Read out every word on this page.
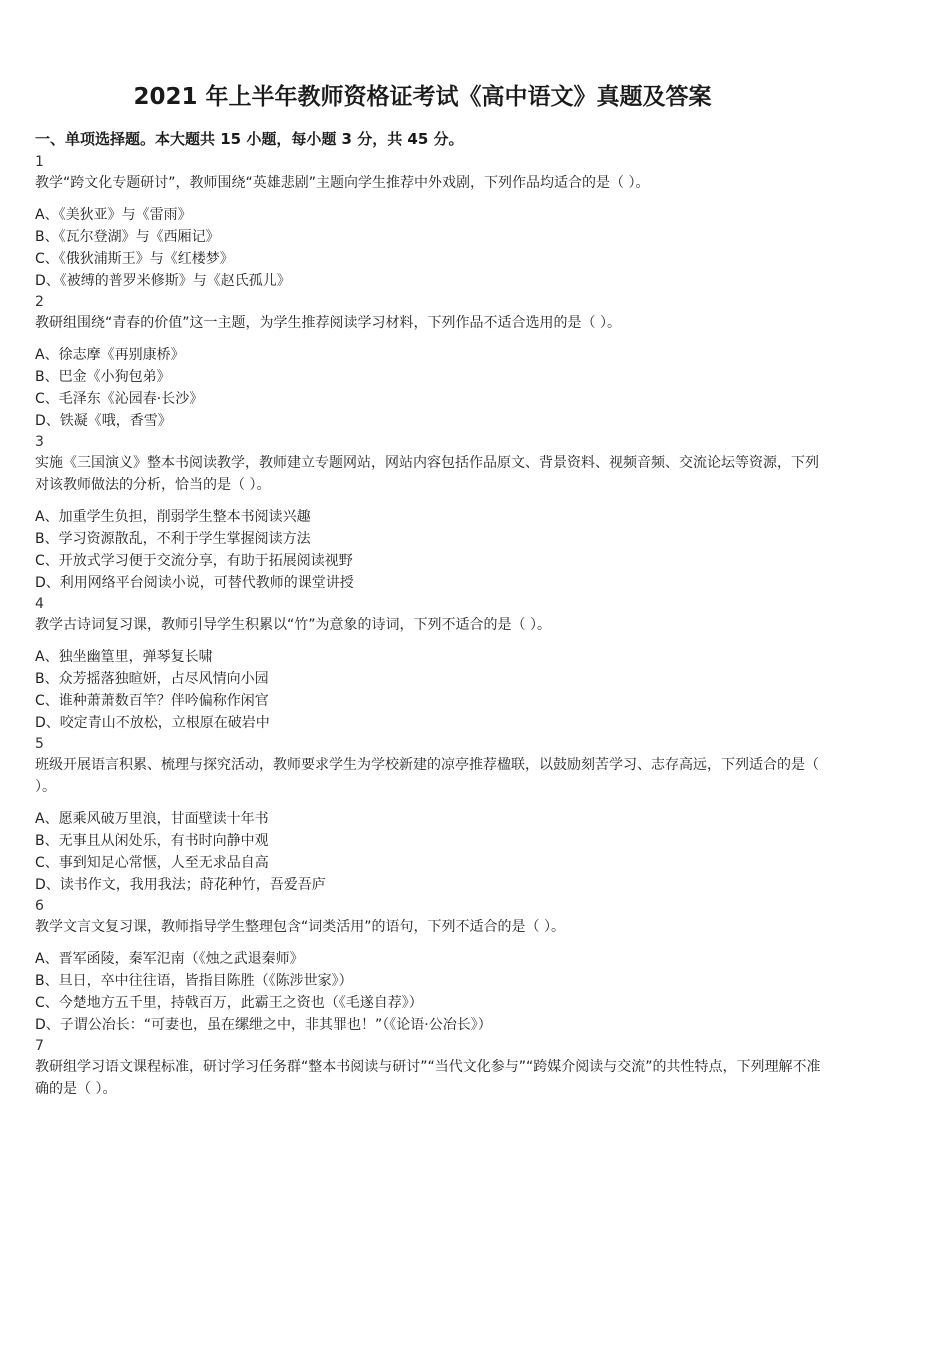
2021 年上半年教师资格证考试《高中语文》真题及答案
一、单项选择题。本大题共 15 小题，每小题 3 分，共 45 分。
1
教学“跨文化专题研讨”，教师围绕“英雄悲剧”主题向学生推荐中外戏剧，下列作品均适合的是（ ）。
A、《美狄亚》与《雷雨》
B、《瓦尔登湖》与《西厢记》
C、《俄狄浦斯王》与《红楼梦》
D、《被缚的普罗米修斯》与《赵氏孤儿》
2
教研组围绕“青春的价值”这一主题，为学生推荐阅读学习材料，下列作品不适合选用的是（ ）。
A、徐志摩《再别康桥》
B、巴金《小狗包弟》
C、毛泽东《沁园春·长沙》
D、铁凝《哦，香雪》
3
实施《三国演义》整本书阅读教学，教师建立专题网站，网站内容包括作品原文、背景资料、视频音频、交流论坛等资源，下列对该教师做法的分析，恰当的是（ ）。
A、加重学生负担，削弱学生整本书阅读兴趣
B、学习资源散乱，不利于学生掌握阅读方法
C、开放式学习便于交流分享，有助于拓展阅读视野
D、利用网络平台阅读小说，可替代教师的课堂讲授
4
教学古诗词复习课，教师引导学生积累以“竹”为意象的诗词，下列不适合的是（ ）。
A、独坐幽篁里，弹琴复长啸
B、众芳摇落独暄妍，占尽风情向小园
C、谁种萧萧数百竿？伴吟偏称作闲官
D、咬定青山不放松，立根原在破岩中
5
班级开展语言积累、梳理与探究活动，教师要求学生为学校新建的凉亭推荐楹联，以鼓励刻苦学习、志存高远，下列适合的是（ ）。
A、愿乘风破万里浪，甘面壁读十年书
B、无事且从闲处乐，有书时向静中观
C、事到知足心常惬，人至无求品自高
D、读书作文，我用我法；莳花种竹，吾爱吾庐
6
教学文言文复习课，教师指导学生整理包含“词类活用”的语句，下列不适合的是（ ）。
A、晋军函陵，秦军氾南（《烛之武退秦师》
B、旦日，卒中往往语，皆指目陈胜（《陈涉世家》）
C、今楚地方五千里，持戟百万，此霸王之资也（《毛遂自荐》）
D、子谓公冶长：“可妻也，虽在缧绁之中，非其罪也！”（《论语·公冶长》）
7
教研组学习语文课程标准，研讨学习任务群“整本书阅读与研讨”“当代文化参与”“跨媒介阅读与交流”的共性特点，下列理解不准确的是（ ）。
